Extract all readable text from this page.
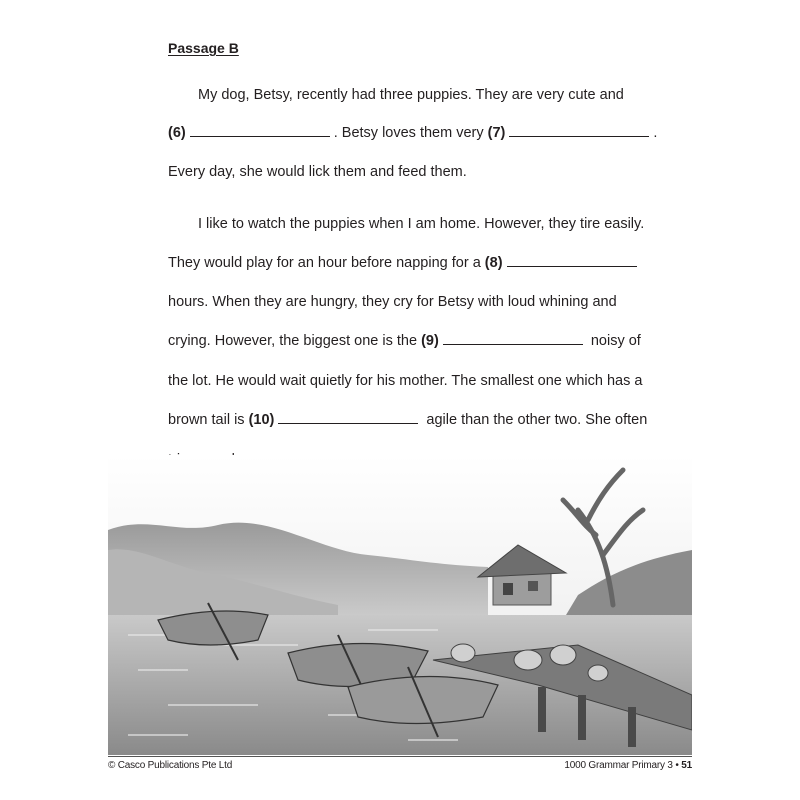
Passage B
My dog, Betsy, recently had three puppies. They are very cute and
(6)	. Betsy loves them very (7)	.
Every day, she would lick them and feed them.
I like to watch the puppies when I am home. However, they tire easily.
They would play for an hour before napping for a (8)
hours. When they are hungry, they cry for Betsy with loud whining and
crying. However, the biggest one is the (9)	noisy of
the lot. He would wait quietly for his mother. The smallest one which has a
brown tail is (10)	agile than the other two. She often
© Casco Publications Pte Ltd	1000 Grammar Primary 3 • 51
